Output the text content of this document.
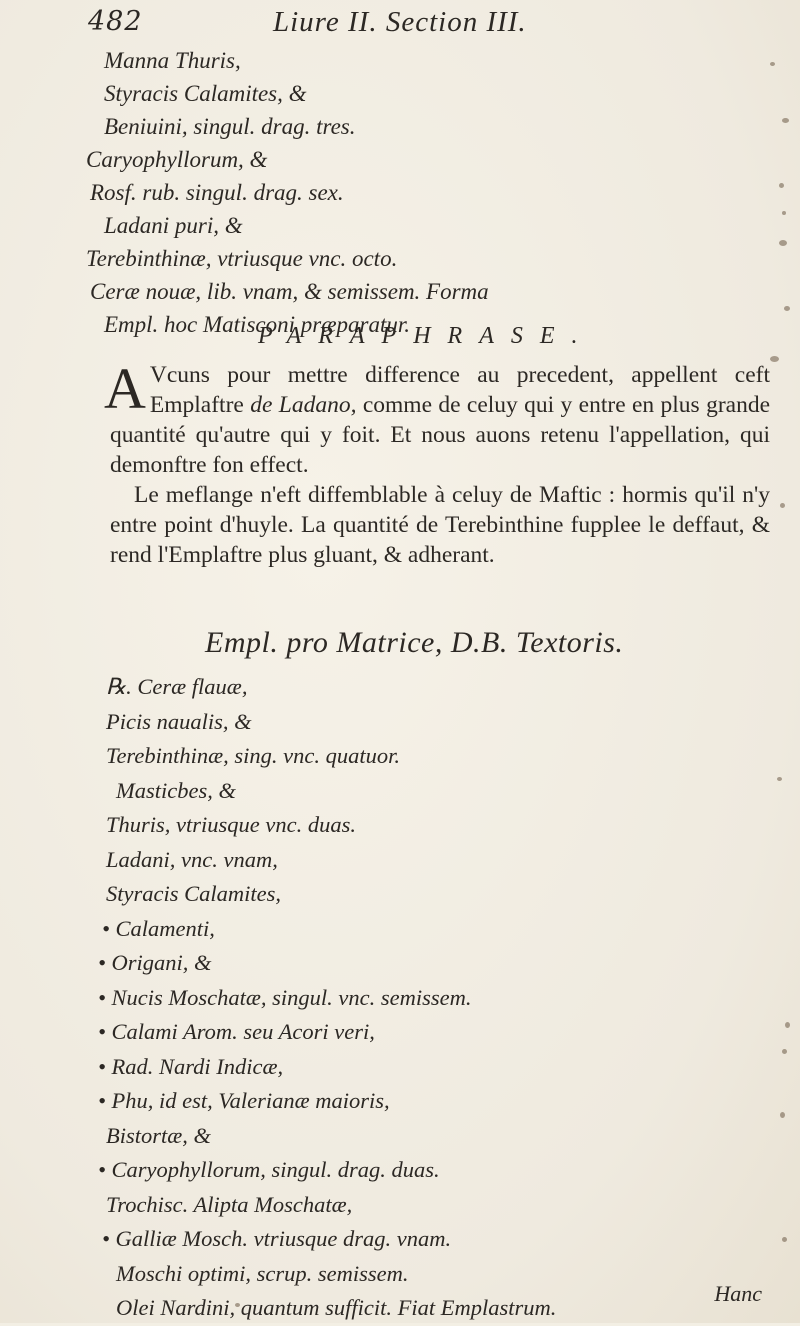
482	Liure II. Section III.
Manna Thuris,
Styracis Calamites, &
Beniuini, singul. drag. tres.
Caryophyllorum, &
Rosf. rub. singul. drag. sex.
Ladani puri, &
Terebinthinæ, vtriusque vnc. octo.
Ceræ nouæ, lib. vnam, & semissem. Forma
Empl. hoc Matisconi præparatur.
PARAPHRASE.

A Vcuns pour mettre difference au precedent, appellent ceft Emplaftre de Ladano, comme de celuy qui y entre en plus grande quantité qu'autre qui y foit. Et nous auons retenu l'appellation, qui demonftre fon effect.

Le meflange n'eft diffemblable à celuy de Maftic : hormis qu'il n'y entre point d'huyle. La quantité de Terebinthine fupplee le deffaut, & rend l'Emplaftre plus gluant, & adherant.

Empl. pro Matrice, D.B. Textoris.
℞. Ceræ flauæ,
Picis naualis, &
Terebinthinæ, sing. vnc. quatuor.
Masticbes, &
Thuris, vtriusque vnc. duas.
Ladani, vnc. vnam,
Styracis Calamites,
• Calamenti,
• Origani, &
• Nucis Moschatæ, singul. vnc. semissem.
• Calami Arom. seu Acori veri,
• Rad. Nardi Indicæ,
• Phu, id est, Valerianæ maioris,
Bistortæ, &
• Caryophyllorum, singul. drag. duas.
Trochisc. Alipta Moschatæ,
• Galliæ Mosch. vtriusque drag. vnam.
Moschi optimi, scrup. semissem.
Olei Nardini, quantum sufficit. Fiat Emplastrum.
Hanc
